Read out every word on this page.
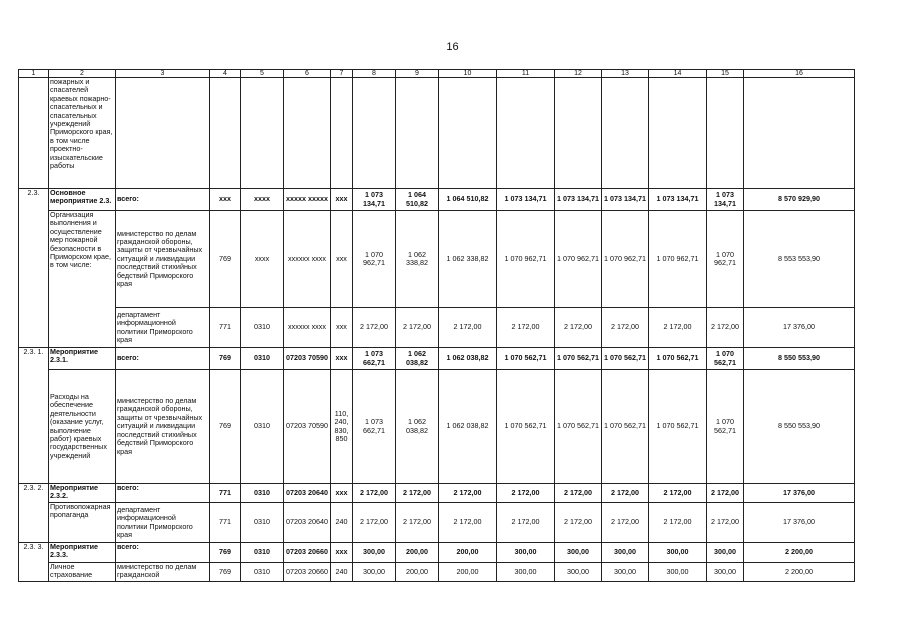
16
1	2	3	4	5	6	7	8	9	10	11	12	13	14	15	16
	пожарных и спасателей краевых пожарно-спасательных и спасательных учреждений Приморского края, в том числе проектно-изыскательские работы														
2.3.	Основное мероприятие 2.3.	всего:	xxx	xxxx	xxxxx xxxxx	xxx	1 073 134,71	1 064 510,82	1 064 510,82	1 073 134,71	1 073 134,71	1 073 134,71	1 073 134,71	1 073 134,71	8 570 929,90
	Организация выполнения и осуществление мер пожарной безопасности в Приморском крае, в том числе:	министерство по делам гражданской обороны, защиты от чрезвычайных ситуаций и ликвидации последствий стихийных бедствий Приморского края	769	xxxx	xxxxxx xxxx	xxx	1 070 962,71	1 062 338,82	1 062 338,82	1 070 962,71	1 070 962,71	1 070 962,71	1 070 962,71	1 070 962,71	8 553 553,90
		департамент информационной политики Приморского края	771	0310	xxxxxx xxxx	xxx	2 172,00	2 172,00	2 172,00	2 172,00	2 172,00	2 172,00	2 172,00	2 172,00	17 376,00
2.3. 1.	Мероприятие 2.3.1.	всего:	769	0310	07203 70590	xxx	1 073 662,71	1 062 038,82	1 062 038,82	1 070 562,71	1 070 562,71	1 070 562,71	1 070 562,71	1 070 562,71	8 550 553,90
	Расходы на обеспечение деятельности (оказание услуг, выполнение работ) краевых государственных учреждений	министерство по делам гражданской обороны, защиты от чрезвычайных ситуаций и ликвидации последствий стихийных бедствий Приморского края	769	0310	07203 70590	110, 240, 830, 850	1 073 662,71	1 062 038,82	1 062 038,82	1 070 562,71	1 070 562,71	1 070 562,71	1 070 562,71	1 070 562,71	8 550 553,90
2.3. 2.	Мероприятие 2.3.2.	всего:	771	0310	07203 20640	xxx	2 172,00	2 172,00	2 172,00	2 172,00	2 172,00	2 172,00	2 172,00	2 172,00	17 376,00
	Противопожарная пропаганда	департамент информационной политики Приморского края	771	0310	07203 20640	240	2 172,00	2 172,00	2 172,00	2 172,00	2 172,00	2 172,00	2 172,00	2 172,00	17 376,00
2.3. 3.	Мероприятие 2.3.3.	всего:	769	0310	07203 20660	xxx	300,00	200,00	200,00	300,00	300,00	300,00	300,00	300,00	2 200,00
	Личное страхование	министерство по делам гражданской	769	0310	07203 20660	240	300,00	200,00	200,00	300,00	300,00	300,00	300,00	300,00	2 200,00
